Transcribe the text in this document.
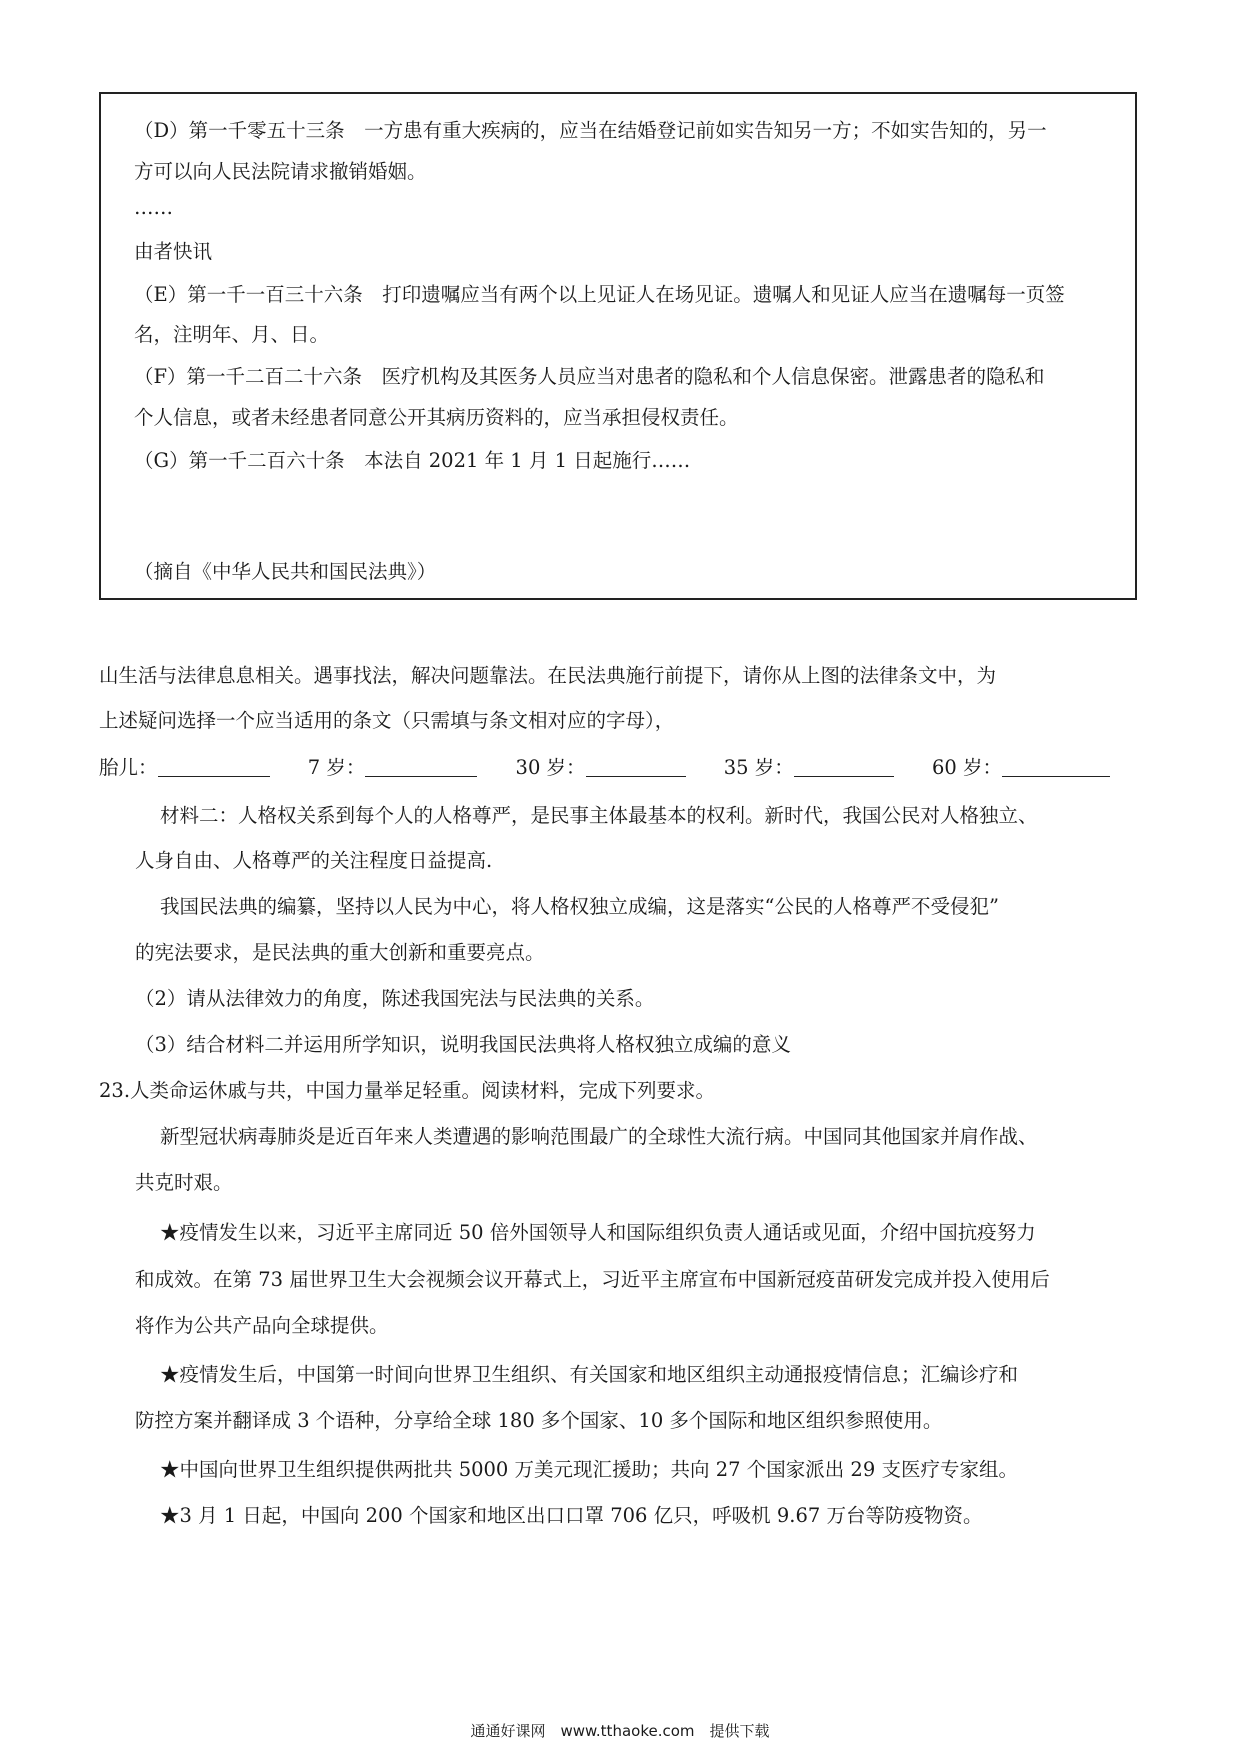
（D）第一千零五十三条　一方患有重大疾病的，应当在结婚登记前如实告知另一方；不如实告知的，另一
方可以向人民法院请求撤销婚姻。
……
由者快讯
（E）第一千一百三十六条　打印遗嘱应当有两个以上见证人在场见证。遗嘱人和见证人应当在遗嘱每一页签
名，注明年、月、日。
（F）第一千二百二十六条　医疗机构及其医务人员应当对患者的隐私和个人信息保密。泄露患者的隐私和
个人信息，或者未经患者同意公开其病历资料的，应当承担侵权责任。
（G）第一千二百六十条　本法自 2021 年 1 月 1 日起施行……
（摘自《中华人民共和国民法典》）
山生活与法律息息相关。遇事找法，解决问题靠法。在民法典施行前提下，请你从上图的法律条文中，为
上述疑问选择一个应当适用的条文（只需填与条文相对应的字母），
胎儿：	7 岁：	30 岁：	35 岁：	60 岁：
材料二：人格权关系到每个人的人格尊严，是民事主体最基本的权利。新时代，我国公民对人格独立、
人身自由、人格尊严的关注程度日益提高.
我国民法典的编纂，坚持以人民为中心，将人格权独立成编，这是落实“公民的人格尊严不受侵犯”
的宪法要求，是民法典的重大创新和重要亮点。
（2）请从法律效力的角度，陈述我国宪法与民法典的关系。
（3）结合材料二并运用所学知识，说明我国民法典将人格权独立成编的意义
23.人类命运休戚与共，中国力量举足轻重。阅读材料，完成下列要求。
新型冠状病毒肺炎是近百年来人类遭遇的影响范围最广的全球性大流行病。中国同其他国家并肩作战、
共克时艰。
★疫情发生以来，习近平主席同近 50 倍外国领导人和国际组织负责人通话或见面，介绍中国抗疫努力
和成效。在第 73 届世界卫生大会视频会议开幕式上，习近平主席宣布中国新冠疫苗研发完成并投入使用后
将作为公共产品向全球提供。
★疫情发生后，中国第一时间向世界卫生组织、有关国家和地区组织主动通报疫情信息；汇编诊疗和
防控方案并翻译成 3 个语种，分享给全球 180 多个国家、10 多个国际和地区组织参照使用。
★中国向世界卫生组织提供两批共 5000 万美元现汇援助；共向 27 个国家派出 29 支医疗专家组。
★3 月 1 日起，中国向 200 个国家和地区出口口罩 706 亿只，呼吸机 9.67 万台等防疫物资。
通通好课网　www.tthaoke.com　提供下载
